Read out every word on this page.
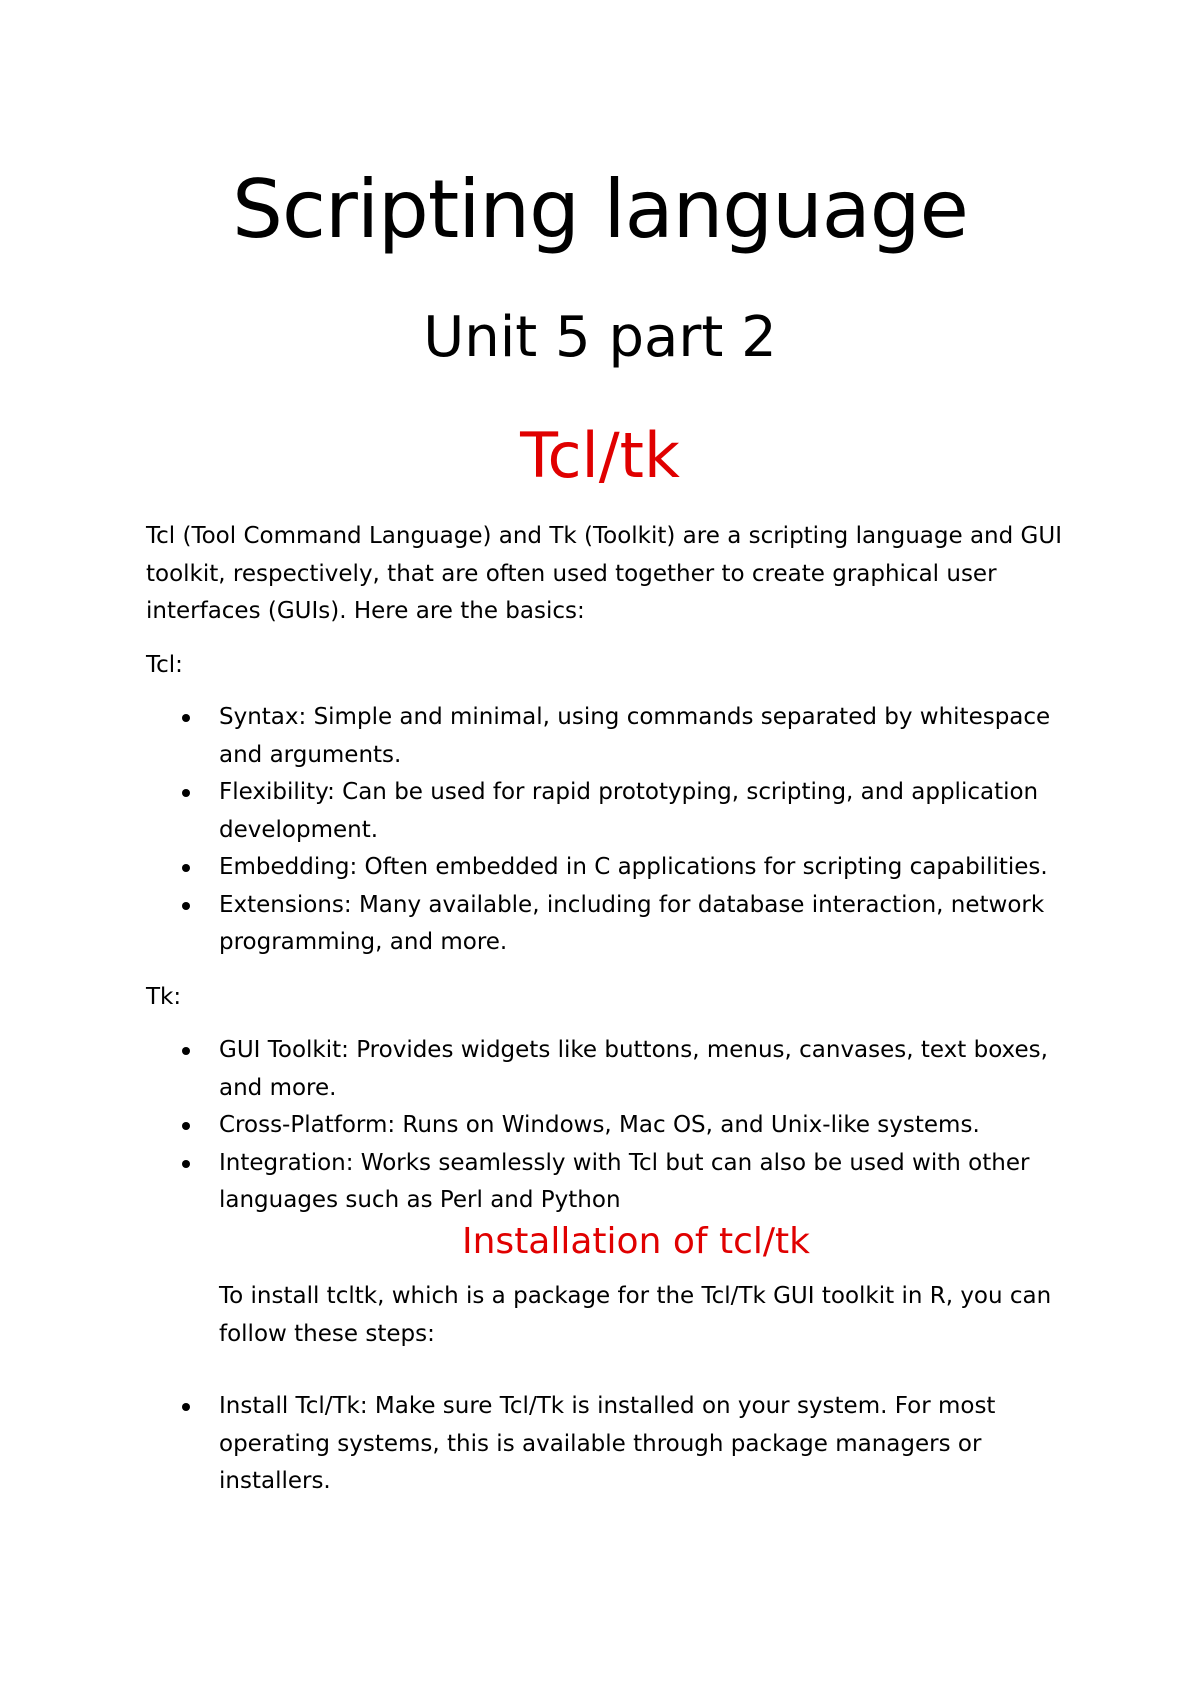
Scripting language
Unit 5 part 2
Tcl/tk
Tcl (Tool Command Language) and Tk (Toolkit) are a scripting language and GUI toolkit, respectively, that are often used together to create graphical user interfaces (GUIs). Here are the basics:
Tcl:
Syntax: Simple and minimal, using commands separated by whitespace and arguments.
Flexibility: Can be used for rapid prototyping, scripting, and application development.
Embedding: Often embedded in C applications for scripting capabilities.
Extensions: Many available, including for database interaction, network programming, and more.
Tk:
GUI Toolkit: Provides widgets like buttons, menus, canvases, text boxes, and more.
Cross-Platform: Runs on Windows, Mac OS, and Unix-like systems.
Integration: Works seamlessly with Tcl but can also be used with other languages such as Perl and Python
Installation of tcl/tk
To install tcltk, which is a package for the Tcl/Tk GUI toolkit in R, you can follow these steps:
Install Tcl/Tk: Make sure Tcl/Tk is installed on your system. For most operating systems, this is available through package managers or installers.
